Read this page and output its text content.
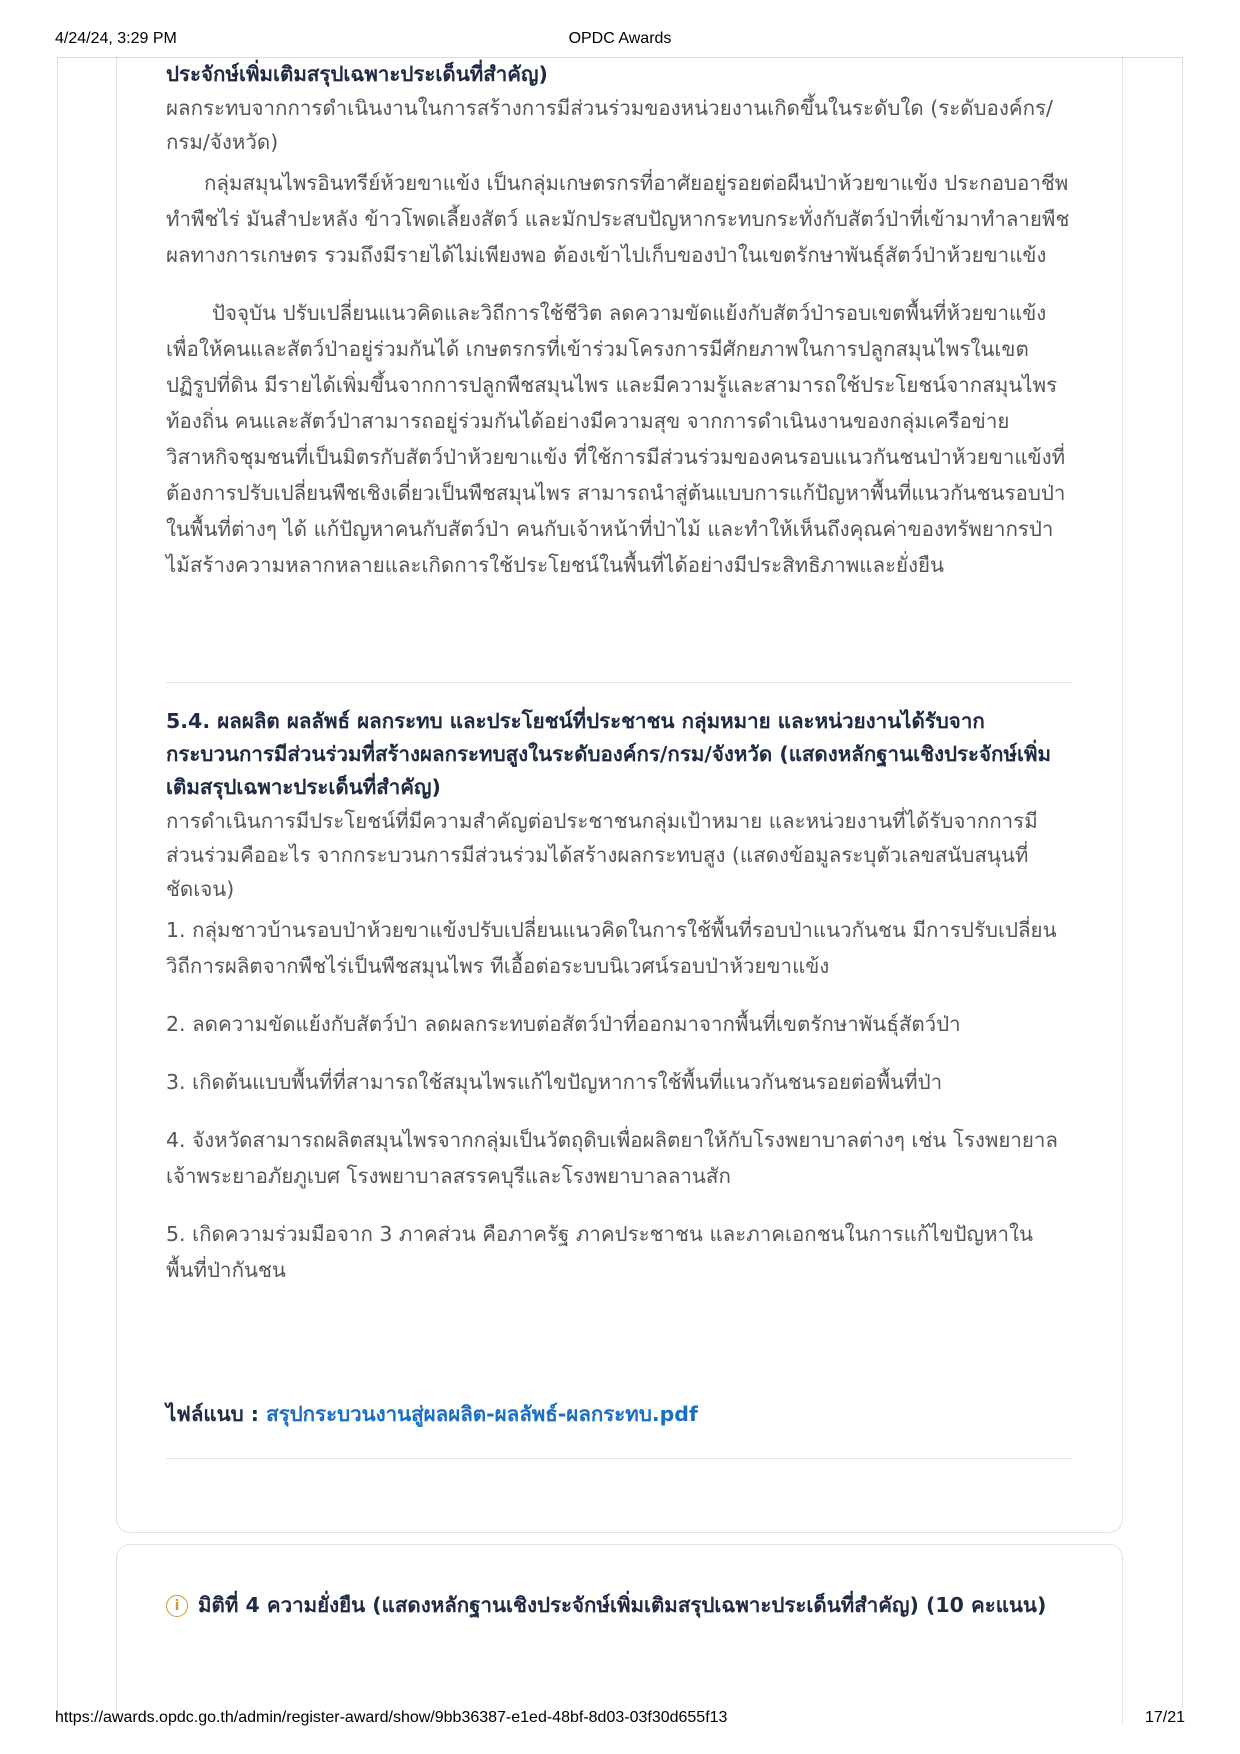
4/24/24, 3:29 PM	OPDC Awards
ประจักษ์เพิ่มเติมสรุปเฉพาะประเด็นที่สำคัญ)
ผลกระทบจากการดำเนินงานในการสร้างการมีส่วนร่วมของหน่วยงานเกิดขึ้นในระดับใด (ระดับองค์กร/กรม/จังหวัด)

กลุ่มสมุนไพรอินทรีย์ห้วยขาแข้ง เป็นกลุ่มเกษตรกรที่อาศัยอยู่รอยต่อผืนป่าห้วยขาแข้ง ประกอบอาชีพทำพืชไร่ มันสำปะหลัง ข้าวโพดเลี้ยงสัตว์ และมักประสบปัญหากระทบกระทั่งกับสัตว์ป่าที่เข้ามาทำลายพืชผลทางการเกษตร รวมถึงมีรายได้ไม่เพียงพอ ต้องเข้าไปเก็บของป่าในเขตรักษาพันธุ์สัตว์ป่าห้วยขาแข้ง

ปัจจุบัน ปรับเปลี่ยนแนวคิดและวิถีการใช้ชีวิต ลดความขัดแย้งกับสัตว์ป่ารอบเขตพื้นที่ห้วยขาแข้ง เพื่อให้คนและสัตว์ป่าอยู่ร่วมกันได้ เกษตรกรที่เข้าร่วมโครงการมีศักยภาพในการปลูกสมุนไพรในเขตปฏิรูปที่ดิน มีรายได้เพิ่มขึ้นจากการปลูกพืชสมุนไพร และมีความรู้และสามารถใช้ประโยชน์จากสมุนไพรท้องถิ่น คนและสัตว์ป่าสามารถอยู่ร่วมกันได้อย่างมีความสุข จากการดำเนินงานของกลุ่มเครือข่ายวิสาหกิจชุมชนที่เป็นมิตรกับสัตว์ป่าห้วยขาแข้ง ที่ใช้การมีส่วนร่วมของคนรอบแนวกันชนป่าห้วยขาแข้งที่ต้องการปรับเปลี่ยนพืชเชิงเดี่ยวเป็นพืชสมุนไพร สามารถนำสู่ต้นแบบการแก้ปัญหาพื้นที่แนวกันชนรอบป่าในพื้นที่ต่างๆ ได้ แก้ปัญหาคนกับสัตว์ป่า คนกับเจ้าหน้าที่ป่าไม้ และทำให้เห็นถึงคุณค่าของทรัพยากรป่าไม้สร้างความหลากหลายและเกิดการใช้ประโยชน์ในพื้นที่ได้อย่างมีประสิทธิภาพและยั่งยืน

5.4. ผลผลิต ผลลัพธ์ ผลกระทบ และประโยชน์ที่ประชาชน กลุ่มหมาย และหน่วยงานได้รับจากกระบวนการมีส่วนร่วมที่สร้างผลกระทบสูงในระดับองค์กร/กรม/จังหวัด (แสดงหลักฐานเชิงประจักษ์เพิ่มเติมสรุปเฉพาะประเด็นที่สำคัญ)
การดำเนินการมีประโยชน์ที่มีความสำคัญต่อประชาชนกลุ่มเป้าหมาย และหน่วยงานที่ได้รับจากการมีส่วนร่วมคืออะไร จากกระบวนการมีส่วนร่วมได้สร้างผลกระทบสูง (แสดงข้อมูลระบุตัวเลขสนับสนุนที่ชัดเจน)

1. กลุ่มชาวบ้านรอบป่าห้วยขาแข้งปรับเปลี่ยนแนวคิดในการใช้พื้นที่รอบป่าแนวกันชน มีการปรับเปลี่ยนวิถีการผลิตจากพืชไร่เป็นพืชสมุนไพร ทีเอื้อต่อระบบนิเวศน์รอบป่าห้วยขาแข้ง

2. ลดความขัดแย้งกับสัตว์ป่า ลดผลกระทบต่อสัตว์ป่าที่ออกมาจากพื้นที่เขตรักษาพันธุ์สัตว์ป่า

3. เกิดต้นแบบพื้นที่ที่สามารถใช้สมุนไพรแก้ไขปัญหาการใช้พื้นที่แนวกันชนรอยต่อพื้นที่ป่า

4. จังหวัดสามารถผลิตสมุนไพรจากกลุ่มเป็นวัตถุดิบเพื่อผลิตยาให้กับโรงพยาบาลต่างๆ เช่น โรงพยายาลเจ้าพระยาอภัยภูเบศ โรงพยาบาลสรรคบุรีและโรงพยาบาลลานสัก

5. เกิดความร่วมมือจาก 3 ภาคส่วน คือภาครัฐ ภาคประชาชน และภาคเอกชนในการแก้ไขปัญหาในพื้นที่ป่ากันชน

ไฟล์แนบ : สรุปกระบวนงานสู่ผลผลิต-ผลลัพธ์-ผลกระทบ.pdf
i มิติที่ 4 ความยั่งยืน (แสดงหลักฐานเชิงประจักษ์เพิ่มเติมสรุปเฉพาะประเด็นที่สำคัญ) (10 คะแนน)
https://awards.opdc.go.th/admin/register-award/show/9bb36387-e1ed-48bf-8d03-03f30d655f13	17/21
